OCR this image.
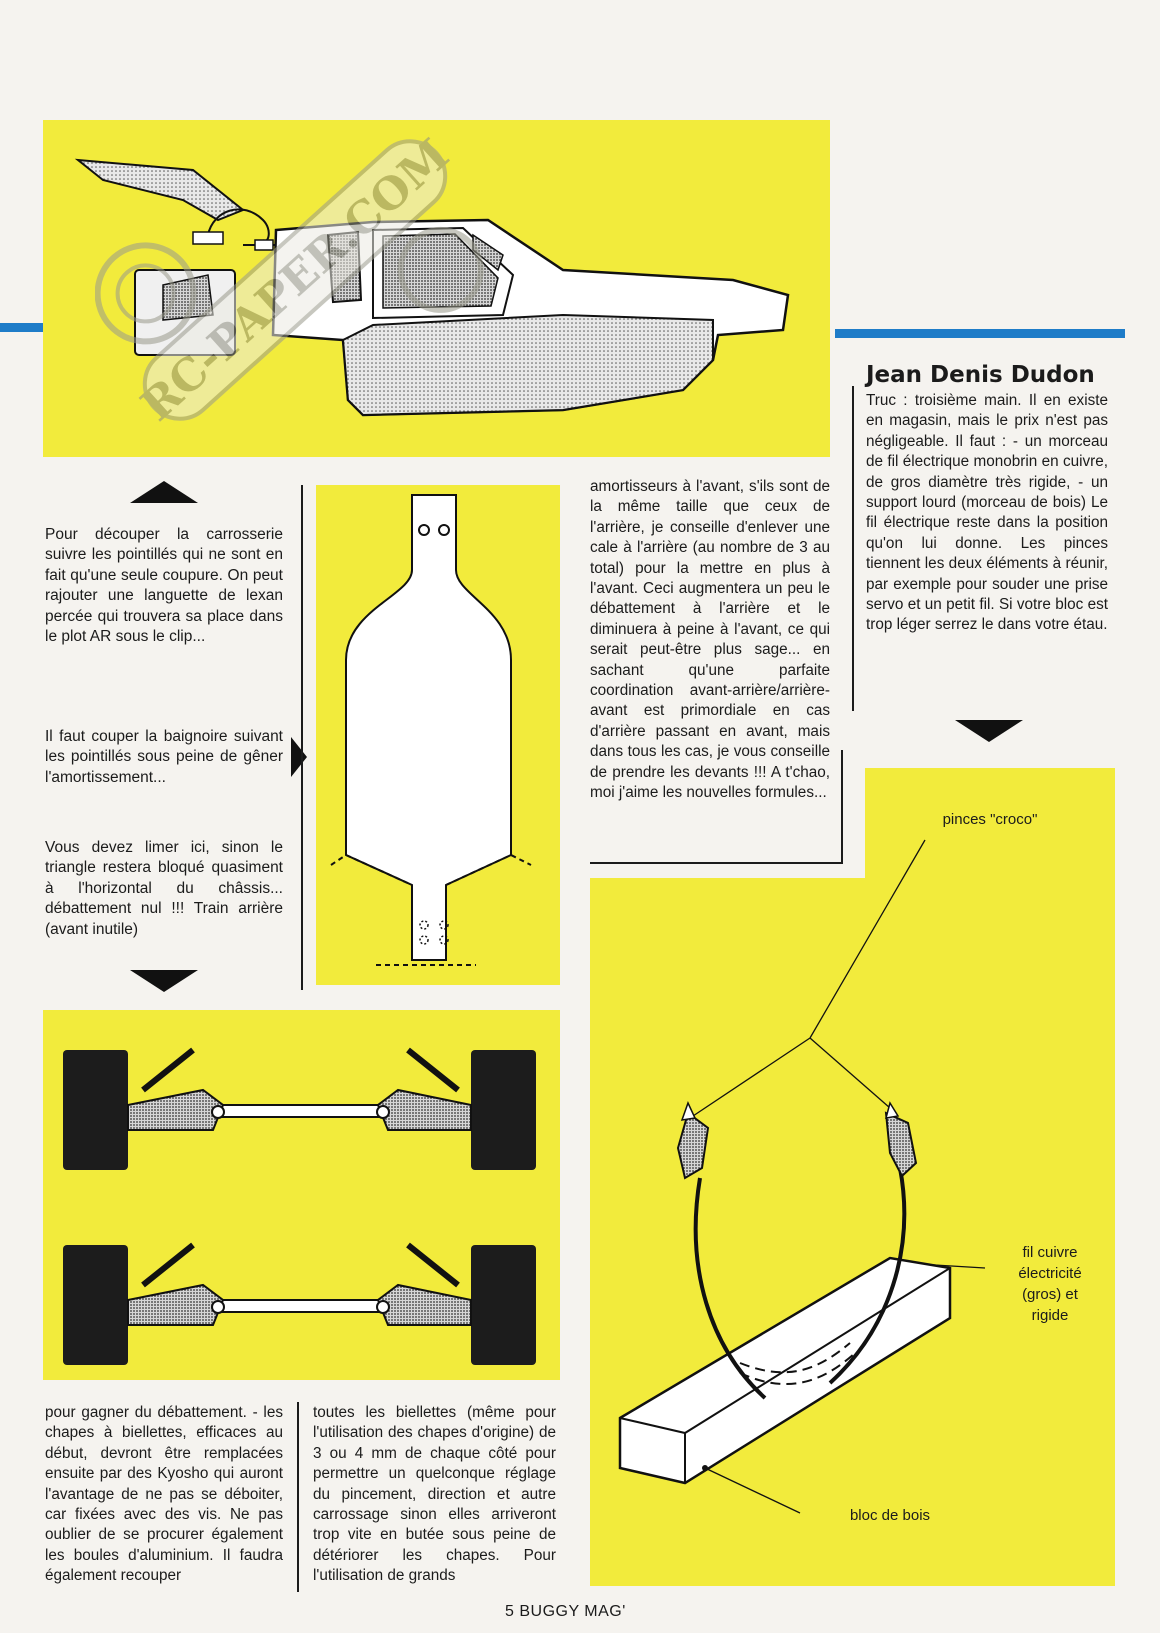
RC-PAPER.COM

Pour découper la carrosserie suivre les pointillés qui ne sont en fait qu'une seule coupure. On peut rajouter une languette de lexan percée qui trouvera sa place dans le plot AR sous le clip...

Il faut couper la baignoire suivant les pointillés sous peine de gêner l'amortissement...

Vous devez limer ici, sinon le triangle restera bloqué quasiment à l'horizontal du châssis... débattement nul !!! Train arrière (avant inutile)

amortisseurs à l'avant, s'ils sont de la même taille que ceux de l'arrière, je conseille d'enlever une cale à l'arrière (au nombre de 3 au total) pour la mettre en plus à l'avant. Ceci augmentera un peu le débattement à l'arrière et le diminuera à peine à l'avant, ce qui serait peut-être plus sage... en sachant qu'une parfaite coordination avant-arrière/arrière-avant est primordiale en cas d'arrière passant en avant, mais dans tous les cas, je vous conseille de prendre les devants !!! A t'chao, moi j'aime les nouvelles formules...

Jean Denis Dudon

Truc : troisième main. Il en existe en magasin, mais le prix n'est pas négligeable. Il faut : - un morceau de fil électrique monobrin en cuivre, de gros diamètre très rigide, - un support lourd (morceau de bois) Le fil électrique reste dans la position qu'on lui donne. Les pinces tiennent les deux éléments à réunir, par exemple pour souder une prise servo et un petit fil. Si votre bloc est trop léger serrez le dans votre étau.

pinces "croco"
fil cuivre électricité (gros) et rigide
bloc de bois

pour gagner du débattement. - les chapes à biellettes, efficaces au début, devront être remplacées ensuite par des Kyosho qui auront l'avantage de ne pas se déboiter, car fixées avec des vis. Ne pas oublier de se procurer également les boules d'aluminium. Il faudra également recouper

toutes les biellettes (même pour l'utilisation des chapes d'origine) de 3 ou 4 mm de chaque côté pour permettre un quelconque réglage du pincement, direction et autre carrossage sinon elles arriveront trop vite en butée sous peine de détériorer les chapes. Pour l'utilisation de grands

5 BUGGY MAG'
